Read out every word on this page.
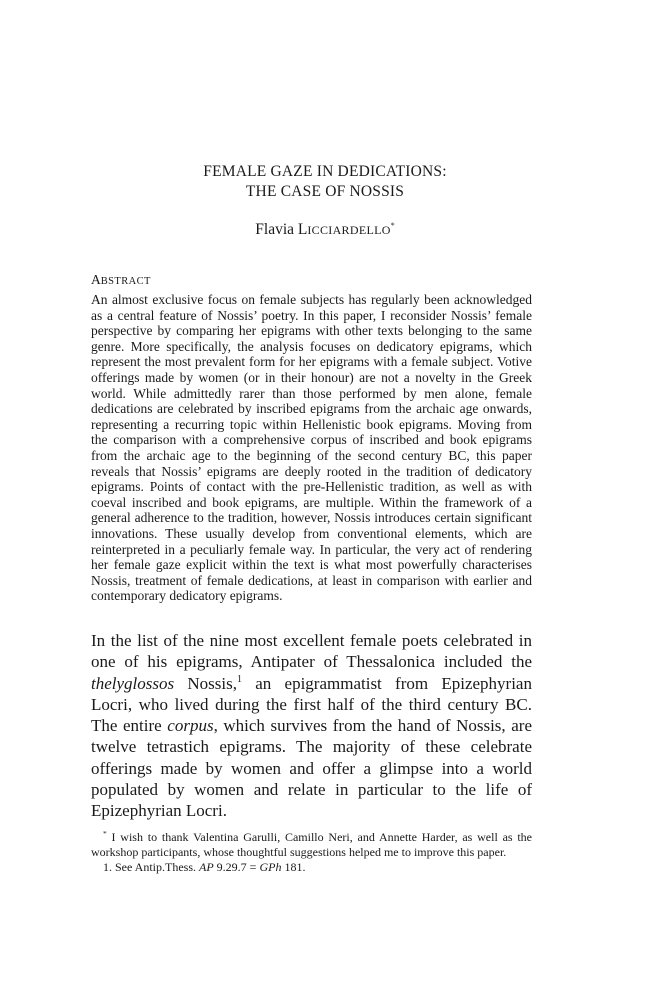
FEMALE GAZE IN DEDICATIONS:
THE CASE OF NOSSIS
Flavia LICCIARDELLO*
ABSTRACT

An almost exclusive focus on female subjects has regularly been acknowledged as a central feature of Nossis’ poetry. In this paper, I reconsider Nossis’ female perspective by comparing her epigrams with other texts belonging to the same genre. More specifically, the analysis focuses on dedicatory epigrams, which represent the most prevalent form for her epigrams with a female subject. Votive offerings made by women (or in their honour) are not a novelty in the Greek world. While admittedly rarer than those performed by men alone, female dedications are celebrated by inscribed epigrams from the archaic age onwards, representing a recurring topic within Hellenistic book epigrams. Moving from the comparison with a comprehensive corpus of inscribed and book epigrams from the archaic age to the beginning of the second century BC, this paper reveals that Nossis’ epigrams are deeply rooted in the tradition of dedicatory epigrams. Points of contact with the pre-Hellenistic tradition, as well as with coeval inscribed and book epigrams, are multiple. Within the framework of a general adherence to the tradition, however, Nossis introduces certain significant innovations. These usually develop from conventional elements, which are reinterpreted in a peculiarly female way. In particular, the very act of rendering her female gaze explicit within the text is what most powerfully characterises Nossis, treatment of female dedications, at least in comparison with earlier and contemporary dedicatory epigrams.

In the list of the nine most excellent female poets celebrated in one of his epigrams, Antipater of Thessalonica included the thelyglossos Nossis,$^1$ an epigrammatist from Epizephyrian Locri, who lived during the first half of the third century BC. The entire corpus, which survives from the hand of Nossis, are twelve tetrastich epigrams. The majority of these celebrate offerings made by women and offer a glimpse into a world populated by women and relate in particular to the life of Epizephyrian Locri.

* I wish to thank Valentina Garulli, Camillo Neri, and Annette Harder, as well as the workshop participants, whose thoughtful suggestions helped me to improve this paper.

1. See Antip.Thess. AP 9.29.7 = GPh 181.
